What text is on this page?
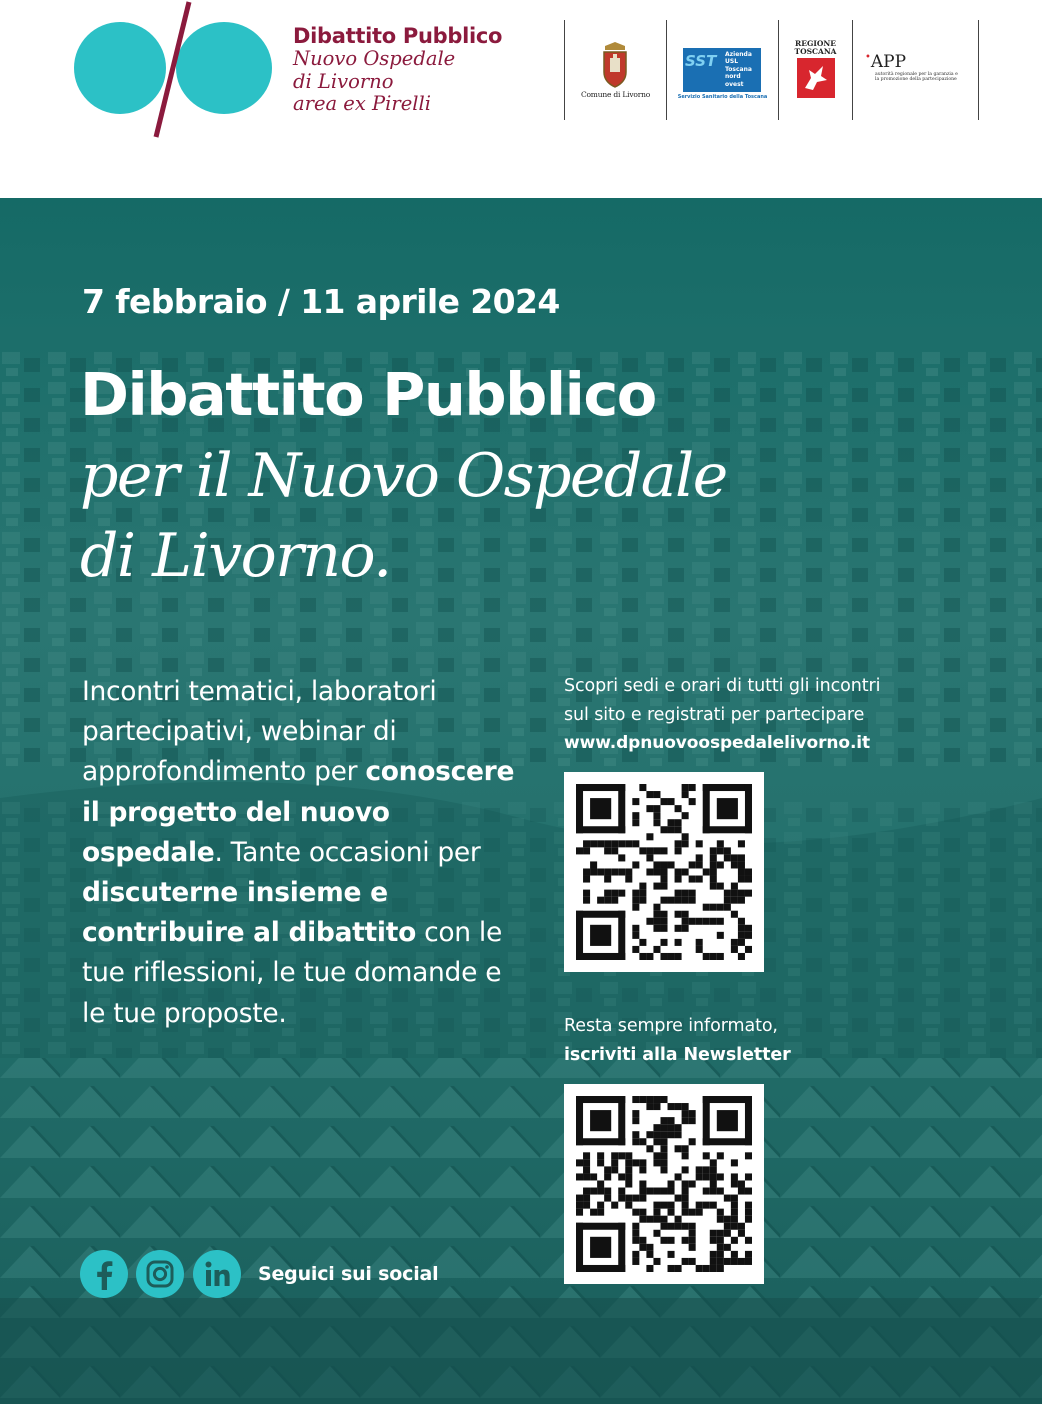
Dibattito Pubblico
Nuovo Ospedale
di Livorno
area ex Pirelli	Comune di Livorno
SST Azienda
USL
Toscana
nord ovest
Servizio Sanitario della Toscana
REGIONE
TOSCANA
•APP
autorità regionale per la garanzia e
la promozione della partecipazione
7 febbraio / 11 aprile 2024
Dibattito Pubblico
per il Nuovo Ospedale
di Livorno.
Incontri tematici, laboratori partecipativi, webinar di approfondimento per conoscere il progetto del nuovo ospedale. Tante occasioni per discuterne insieme e contribuire al dibattito con le tue riflessioni, le tue domande e le tue proposte.
Scopri sedi e orari di tutti gli incontri
sul sito e registrati per partecipare
www.dpnuovoospedalelivorno.it
Resta sempre informato,
iscriviti alla Newsletter
Seguici sui social
